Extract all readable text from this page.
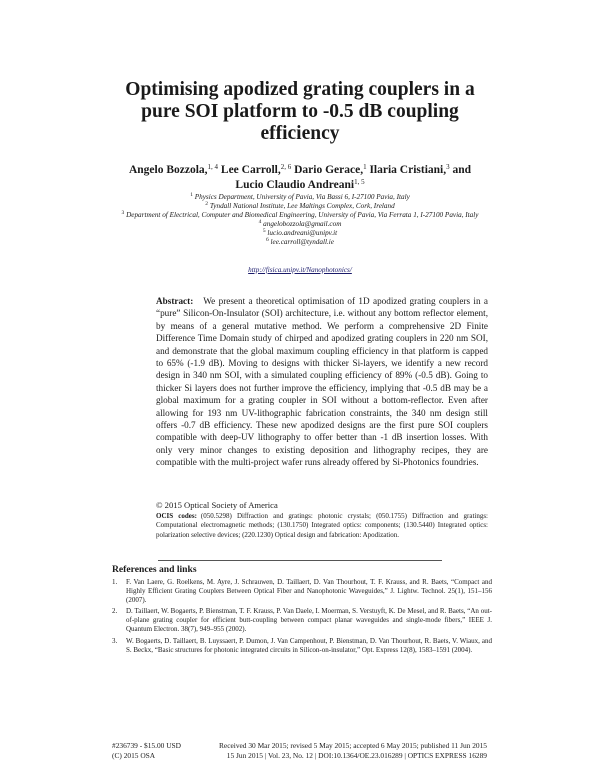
Optimising apodized grating couplers in a pure SOI platform to -0.5 dB coupling efficiency
Angelo Bozzola,$^{1, 4}$ Lee Carroll,$^{2, 6}$ Dario Gerace,$^1$ Ilaria Cristiani,$^3$ and Lucio Claudio Andreani$^{1, 5}$
$^1$ Physics Department, University of Pavia, Via Bassi 6, I-27100 Pavia, Italy
$^2$ Tyndall National Institute, Lee Maltings Complex, Cork, Ireland
$^3$ Department of Electrical, Computer and Biomedical Engineering, University of Pavia, Via Ferrata 1, I-27100 Pavia, Italy
$^4$ angelobozzola@gmail.com
$^5$ lucio.andreani@unipv.it
$^6$ lee.carroll@tyndall.ie
http://fisica.unipv.it/Nanophotonics/
Abstract: We present a theoretical optimisation of 1D apodized grating couplers in a “pure” Silicon-On-Insulator (SOI) architecture, i.e. without any bottom reflector element, by means of a general mutative method. We perform a comprehensive 2D Finite Difference Time Domain study of chirped and apodized grating couplers in 220 nm SOI, and demonstrate that the global maximum coupling efficiency in that platform is capped to 65% (-1.9 dB). Moving to designs with thicker Si-layers, we identify a new record design in 340 nm SOI, with a simulated coupling efficiency of 89% (-0.5 dB). Going to thicker Si layers does not further improve the efficiency, implying that -0.5 dB may be a global maximum for a grating coupler in SOI without a bottom-reflector. Even after allowing for 193 nm UV-lithographic fabrication constraints, the 340 nm design still offers -0.7 dB efficiency. These new apodized designs are the first pure SOI couplers compatible with deep-UV lithography to offer better than -1 dB insertion losses. With only very minor changes to existing deposition and lithography recipes, they are compatible with the multi-project wafer runs already offered by Si-Photonics foundries.
© 2015 Optical Society of America
OCIS codes: (050.5298) Diffraction and gratings: photonic crystals; (050.1755) Diffraction and gratings: Computational electromagnetic methods; (130.1750) Integrated optics: components; (130.5440) Integrated optics: polarization selective devices; (220.1230) Optical design and fabrication: Apodization.
References and links
1. F. Van Laere, G. Roelkens, M. Ayre, J. Schrauwen, D. Taillaert, D. Van Thourhout, T. F. Krauss, and R. Baets, “Compact and Highly Efficient Grating Couplers Between Optical Fiber and Nanophotonic Waveguides,” J. Lightw. Technol. 25(1), 151–156 (2007).
2. D. Taillaert, W. Bogaerts, P. Bienstman, T. F. Krauss, P. Van Daele, I. Moerman, S. Verstuyft, K. De Mesel, and R. Baets, “An out-of-plane grating coupler for efficient butt-coupling between compact planar waveguides and single-mode fibers,” IEEE J. Quantum Electron. 38(7), 949–955 (2002).
3. W. Bogaerts, D. Taillaert, B. Luyssaert, P. Dumon, J. Van Campenhout, P. Bienstman, D. Van Thourhout, R. Baets, V. Wiaux, and S. Beckx, “Basic structures for photonic integrated circuits in Silicon-on-insulator,” Opt. Express 12(8), 1583–1591 (2004).
#236739 - $15.00 USD
(C) 2015 OSA
Received 30 Mar 2015; revised 5 May 2015; accepted 6 May 2015; published 11 Jun 2015
15 Jun 2015 | Vol. 23, No. 12 | DOI:10.1364/OE.23.016289 | OPTICS EXPRESS 16289
